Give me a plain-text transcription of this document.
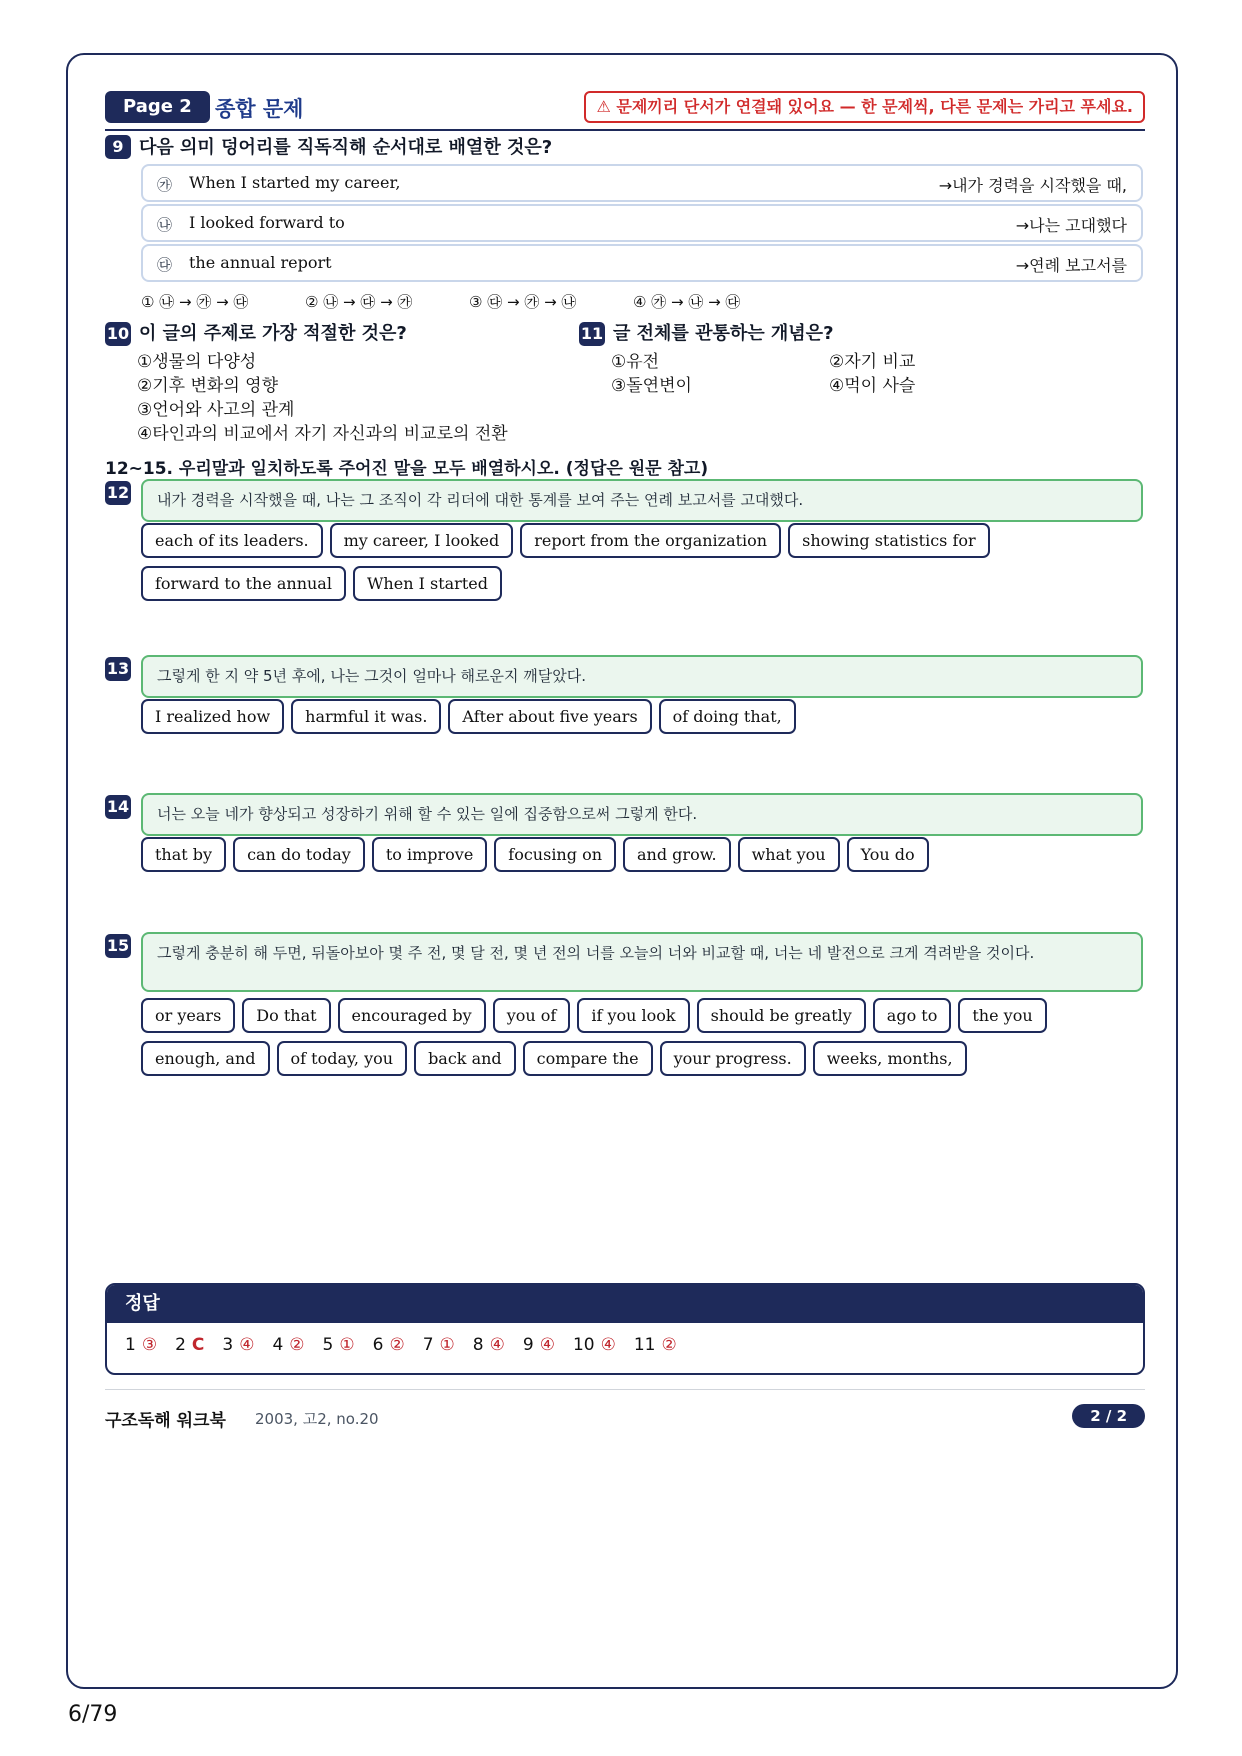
Page 2	종합 문제	⚠ 문제끼리 단서가 연결돼 있어요 — 한 문제씩, 다른 문제는 가리고 푸세요.
9 다음 의미 덩어리를 직독직해 순서대로 배열한 것은?
㉮ When I started my career,	→내가 경력을 시작했을 때,
㉯ I looked forward to	→나는 고대했다
㉰ the annual report	→연례 보고서를
① ㉯ → ㉮ → ㉰	② ㉯ → ㉰ → ㉮	③ ㉰ → ㉮ → ㉯	④ ㉮ → ㉯ → ㉰
10 이 글의 주제로 가장 적절한 것은?
①생물의 다양성
②기후 변화의 영향
③언어와 사고의 관계
④타인과의 비교에서 자기 자신과의 비교로의 전환
11 글 전체를 관통하는 개념은?
①유전	②자기 비교
③돌연변이	④먹이 사슬
12~15. 우리말과 일치하도록 주어진 말을 모두 배열하시오. (정답은 원문 참고)
12	내가 경력을 시작했을 때, 나는 그 조직이 각 리더에 대한 통계를 보여 주는 연례 보고서를 고대했다.
each of its leaders.	my career, I looked	report from the organization	showing statistics for
forward to the annual	When I started
13	그렇게 한 지 약 5년 후에, 나는 그것이 얼마나 해로운지 깨달았다.
I realized how	harmful it was.	After about five years	of doing that,
14	너는 오늘 네가 향상되고 성장하기 위해 할 수 있는 일에 집중함으로써 그렇게 한다.
that by	can do today	to improve	focusing on	and grow.	what you	You do
15	그렇게 충분히 해 두면, 뒤돌아보아 몇 주 전, 몇 달 전, 몇 년 전의 너를 오늘의 너와 비교할 때, 너는 네 발전으로 크게 격려받을 것이다.
or years	Do that	encouraged by	you of	if you look	should be greatly	ago to	the you
enough, and	of today, you	back and	compare the	your progress.	weeks, months,
정답
1 ③ 2 C 3 ④ 4 ② 5 ① 6 ② 7 ① 8 ④ 9 ④ 10 ④ 11 ②
구조독해 워크북 2003, 고2, no.20	2 / 2
6/79
